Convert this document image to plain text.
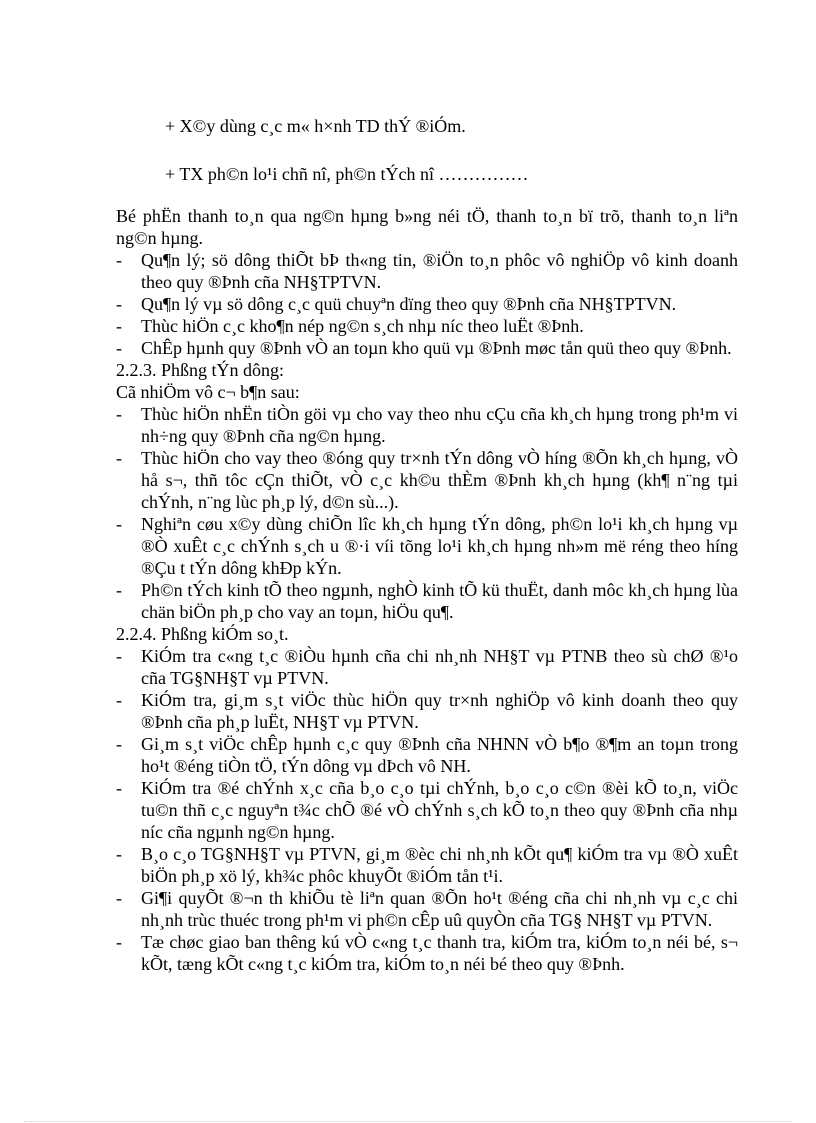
+ X©y dùng c¸c m« h×nh TD thÝ ®iÓm.
+ TX ph©n lo¹i chñ nî, ph©n tÝch nî ……………

Bé phËn thanh to¸n qua ng©n hµng b»ng néi tÖ, thanh to¸n bï trõ, thanh to¸n liªn ng©n hµng.

- Qu¶n lý; sö dông thiÕt bÞ th«ng tin, ®iÖn to¸n phôc vô nghiÖp vô kinh doanh theo quy ®Þnh cña NH§TPTVN.
- Qu¶n lý vµ sö dông c¸c quü chuyªn dïng theo quy ®Þnh cña NH§TPTVN.
- Thùc hiÖn c¸c kho¶n nép ng©n s¸ch nhµ níc theo luËt ®Þnh.
- ChÊp hµnh quy ®Þnh vÒ an toµn kho quü vµ ®Þnh møc tån quü theo quy ®Þnh.

2.2.3. Phßng tÝn dông:

Cã nhiÖm vô c¬ b¶n sau:

- Thùc hiÖn nhËn tiÒn göi vµ cho vay theo nhu cÇu cña kh¸ch hµng trong ph¹m vi nh÷ng quy ®Þnh cña ng©n hµng.
- Thùc hiÖn cho vay theo ®óng quy tr×nh tÝn dông vÒ híng ®Õn kh¸ch hµng, vÒ hå s¬, thñ tôc cÇn thiÕt, vÒ c¸c kh©u thÈm ®Þnh kh¸ch hµng (kh¶ n¨ng tµi chÝnh, n¨ng lùc ph¸p lý, d©n sù...).
- Nghiªn cøu x©y dùng chiÕn lîc kh¸ch hµng tÝn dông, ph©n lo¹i kh¸ch hµng vµ ®Ò xuÊt c¸c chÝnh s¸ch u ®·i víi tõng lo¹i kh¸ch hµng nh»m më réng theo híng ®Çu t tÝn dông khÐp kÝn.
- Ph©n tÝch kinh tÕ theo ngµnh, nghÒ kinh tÕ kü thuËt, danh môc kh¸ch hµng lùa chän biÖn ph¸p cho vay an toµn, hiÖu qu¶.

2.2.4. Phßng kiÓm so¸t.

- KiÓm tra c«ng t¸c ®iÒu hµnh cña chi nh¸nh NH§T vµ PTNB theo sù chØ ®¹o cña TG§NH§T vµ PTVN.
- KiÓm tra, gi¸m s¸t viÖc thùc hiÖn quy tr×nh nghiÖp vô kinh doanh theo quy ®Þnh cña ph¸p luËt, NH§T vµ PTVN.
- Gi¸m s¸t viÖc chÊp hµnh c¸c quy ®Þnh cña NHNN vÒ b¶o ®¶m an toµn trong ho¹t ®éng tiÒn tÖ, tÝn dông vµ dÞch vô NH.
- KiÓm tra ®é chÝnh x¸c cña b¸o c¸o tµi chÝnh, b¸o c¸o c©n ®èi kÕ to¸n, viÖc tu©n thñ c¸c nguyªn t¾c chÕ ®é vÒ chÝnh s¸ch kÕ to¸n theo quy ®Þnh cña nhµ níc cña ngµnh ng©n hµng.
- B¸o c¸o TG§NH§T vµ PTVN, gi¸m ®èc chi nh¸nh kÕt qu¶ kiÓm tra vµ ®Ò xuÊt biÖn ph¸p xö lý, kh¾c phôc khuyÕt ®iÓm tån t¹i.
- Gi¶i quyÕt ®¬n th khiÕu tè liªn quan ®Õn ho¹t ®éng cña chi nh¸nh vµ c¸c chi nh¸nh trùc thuéc trong ph¹m vi ph©n cÊp uû quyÒn cña TG§ NH§T vµ PTVN.
- Tæ chøc giao ban thêng kú vÒ c«ng t¸c thanh tra, kiÓm tra, kiÓm to¸n néi bé, s¬ kÕt, tæng kÕt c«ng t¸c kiÓm tra, kiÓm to¸n néi bé theo quy ®Þnh.
